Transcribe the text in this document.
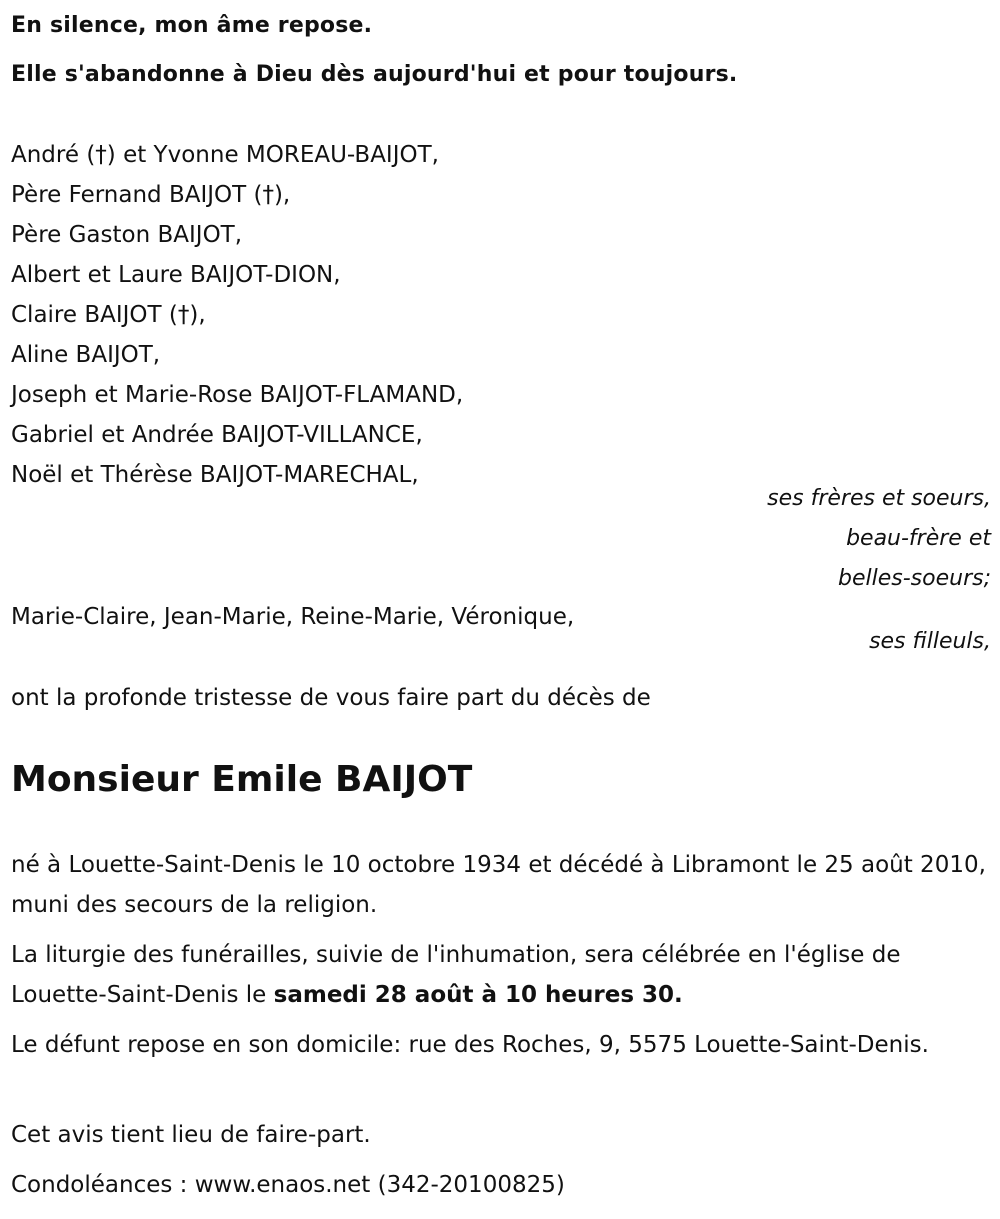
En silence, mon âme repose.
Elle s'abandonne à Dieu dès aujourd'hui et pour toujours.
André (†) et Yvonne MOREAU-BAIJOT,
Père Fernand BAIJOT (†),
Père Gaston BAIJOT,
Albert et Laure BAIJOT-DION,
Claire BAIJOT (†),
Aline BAIJOT,
Joseph et Marie-Rose BAIJOT-FLAMAND,
Gabriel et Andrée BAIJOT-VILLANCE,
Noël et Thérèse BAIJOT-MARECHAL,
ses frères et soeurs,
beau-frère et
belles-soeurs;
Marie-Claire, Jean-Marie, Reine-Marie, Véronique,
ses filleuls,
ont la profonde tristesse de vous faire part du décès de
Monsieur Emile BAIJOT
né à Louette-Saint-Denis le 10 octobre 1934 et décédé à Libramont le 25 août 2010, muni des secours de la religion.
La liturgie des funérailles, suivie de l'inhumation, sera célébrée en l'église de Louette-Saint-Denis le samedi 28 août à 10 heures 30.
Le défunt repose en son domicile: rue des Roches, 9, 5575 Louette-Saint-Denis.
Cet avis tient lieu de faire-part.
Condoléances : www.enaos.net (342-20100825)
